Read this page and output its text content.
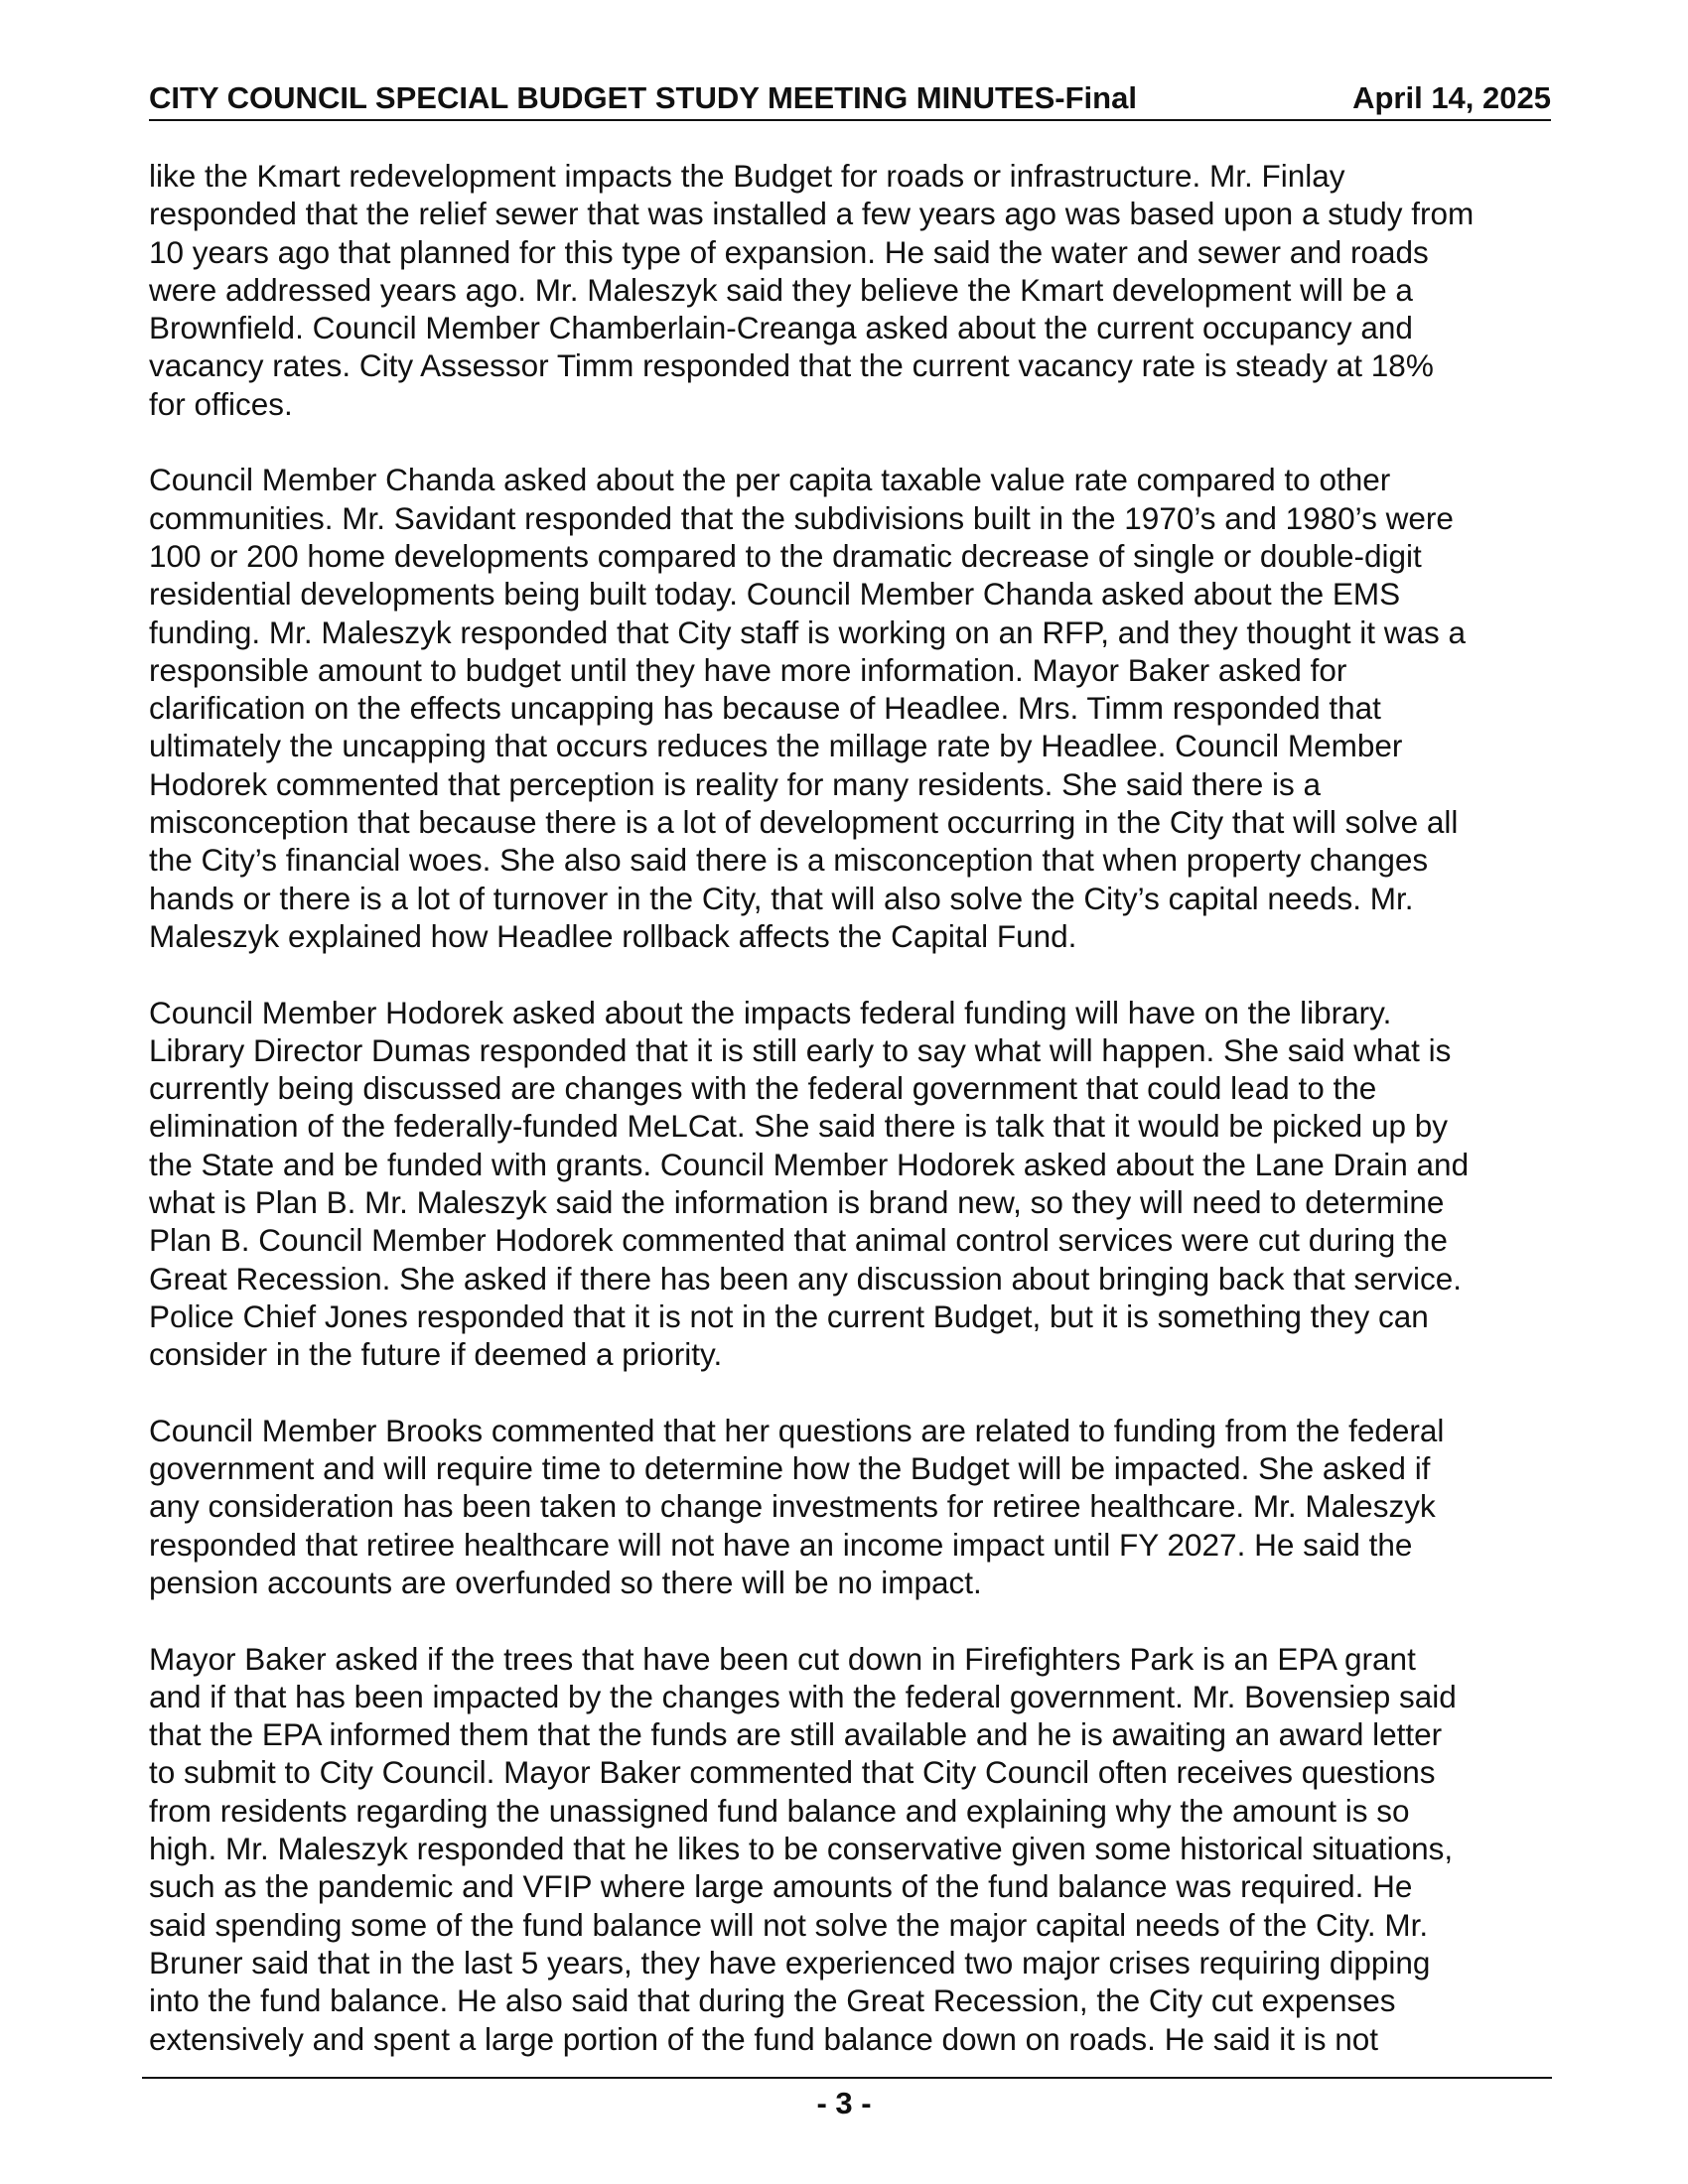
CITY COUNCIL SPECIAL BUDGET STUDY MEETING MINUTES-Final	April 14, 2025

like the Kmart redevelopment impacts the Budget for roads or infrastructure. Mr. Finlay
responded that the relief sewer that was installed a few years ago was based upon a study from
10 years ago that planned for this type of expansion. He said the water and sewer and roads
were addressed years ago. Mr. Maleszyk said they believe the Kmart development will be a
Brownfield. Council Member Chamberlain-Creanga asked about the current occupancy and
vacancy rates. City Assessor Timm responded that the current vacancy rate is steady at 18%
for offices.

Council Member Chanda asked about the per capita taxable value rate compared to other
communities. Mr. Savidant responded that the subdivisions built in the 1970’s and 1980’s were
100 or 200 home developments compared to the dramatic decrease of single or double-digit
residential developments being built today. Council Member Chanda asked about the EMS
funding. Mr. Maleszyk responded that City staff is working on an RFP, and they thought it was a
responsible amount to budget until they have more information. Mayor Baker asked for
clarification on the effects uncapping has because of Headlee. Mrs. Timm responded that
ultimately the uncapping that occurs reduces the millage rate by Headlee. Council Member
Hodorek commented that perception is reality for many residents. She said there is a
misconception that because there is a lot of development occurring in the City that will solve all
the City’s financial woes. She also said there is a misconception that when property changes
hands or there is a lot of turnover in the City, that will also solve the City’s capital needs. Mr.
Maleszyk explained how Headlee rollback affects the Capital Fund.

Council Member Hodorek asked about the impacts federal funding will have on the library.
Library Director Dumas responded that it is still early to say what will happen. She said what is
currently being discussed are changes with the federal government that could lead to the
elimination of the federally-funded MeLCat. She said there is talk that it would be picked up by
the State and be funded with grants. Council Member Hodorek asked about the Lane Drain and
what is Plan B. Mr. Maleszyk said the information is brand new, so they will need to determine
Plan B. Council Member Hodorek commented that animal control services were cut during the
Great Recession. She asked if there has been any discussion about bringing back that service.
Police Chief Jones responded that it is not in the current Budget, but it is something they can
consider in the future if deemed a priority.

Council Member Brooks commented that her questions are related to funding from the federal
government and will require time to determine how the Budget will be impacted. She asked if
any consideration has been taken to change investments for retiree healthcare. Mr. Maleszyk
responded that retiree healthcare will not have an income impact until FY 2027. He said the
pension accounts are overfunded so there will be no impact.

Mayor Baker asked if the trees that have been cut down in Firefighters Park is an EPA grant
and if that has been impacted by the changes with the federal government. Mr. Bovensiep said
that the EPA informed them that the funds are still available and he is awaiting an award letter
to submit to City Council. Mayor Baker commented that City Council often receives questions
from residents regarding the unassigned fund balance and explaining why the amount is so
high. Mr. Maleszyk responded that he likes to be conservative given some historical situations,
such as the pandemic and VFIP where large amounts of the fund balance was required. He
said spending some of the fund balance will not solve the major capital needs of the City. Mr.
Bruner said that in the last 5 years, they have experienced two major crises requiring dipping
into the fund balance. He also said that during the Great Recession, the City cut expenses
extensively and spent a large portion of the fund balance down on roads. He said it is not

- 3 -
